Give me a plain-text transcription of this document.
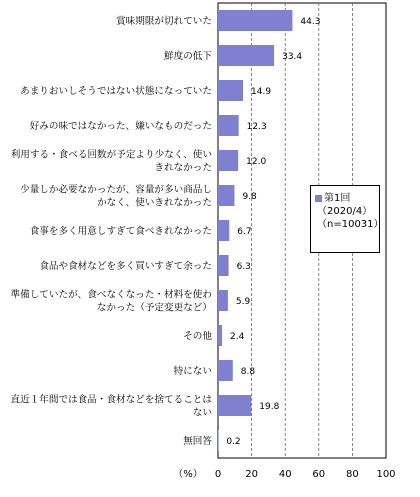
44.3
賞味期限が切れていた
33.4
鮮度の低下
14.9
あまりおいしそうではない状態になっていた
12.3
好みの味ではなかった、嫌いなものだった
12.0
利用する・食べる回数が予定より少なく、使い
きれなかった
9.8
少量しか必要なかったが、容量が多い商品し
かなく、使いきれなかった
6.7
食事を多く用意しすぎて食べきれなかった
6.3
食品や食材などを多く買いすぎて余った
5.9
準備していたが、食べなくなった・材料を使わ
なかった（予定変更など）
2.4
その他
8.8
特にない
19.8
直近１年間では食品・食材などを捨てることは
ない
0.2
無回答
0 20 40 60 80 100
（%）
第1回
（2020/4）
（n=10031）
